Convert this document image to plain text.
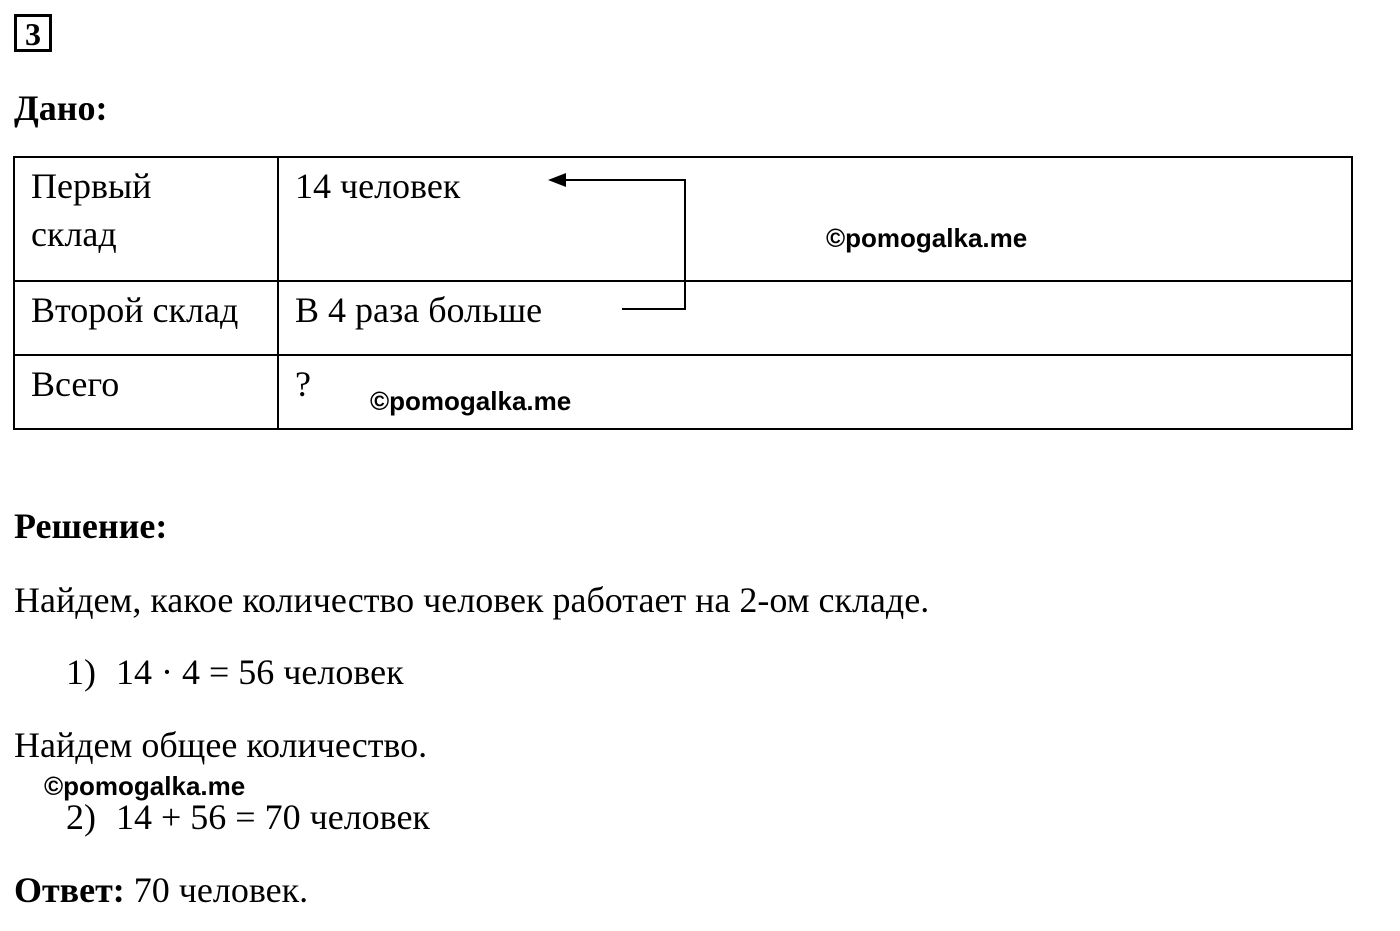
3
Дано:
Первый
склад	14 человек
Второй склад	В 4 раза больше
Всего	?
©pomogalka.me
©pomogalka.me
Решение:
Найдем, какое количество человек работает на 2-ом складе.
1) 14 · 4 = 56 человек
Найдем общее количество.
2) 14 + 56 = 70 человек
©pomogalka.me
Ответ: 70 человек.
